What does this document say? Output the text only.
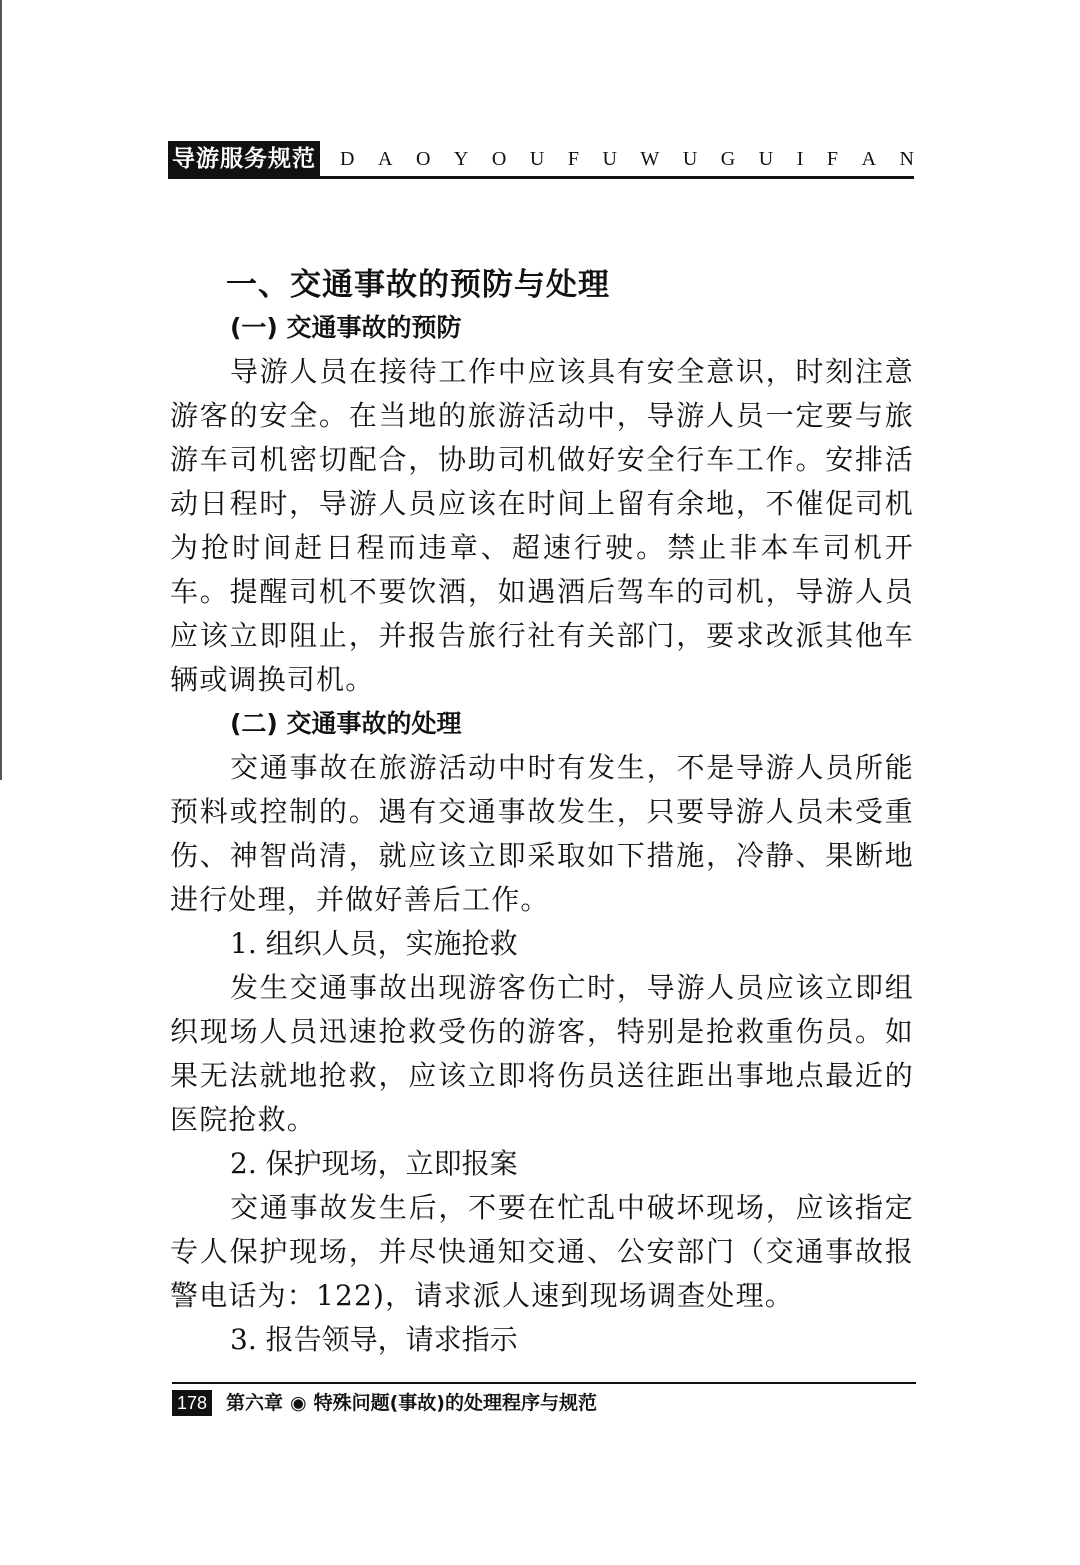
导游服务规范 D A O Y O U F U W U G U I F A N
一、交通事故的预防与处理

(一) 交通事故的预防

导游人员在接待工作中应该具有安全意识，时刻注意游客的安全。在当地的旅游活动中，导游人员一定要与旅游车司机密切配合，协助司机做好安全行车工作。安排活动日程时，导游人员应该在时间上留有余地，不催促司机为抢时间赶日程而违章、超速行驶。禁止非本车司机开车。提醒司机不要饮酒，如遇酒后驾车的司机，导游人员应该立即阻止，并报告旅行社有关部门，要求改派其他车辆或调换司机。

(二) 交通事故的处理

交通事故在旅游活动中时有发生，不是导游人员所能预料或控制的。遇有交通事故发生，只要导游人员未受重伤、神智尚清，就应该立即采取如下措施，冷静、果断地进行处理，并做好善后工作。

1. 组织人员，实施抢救

发生交通事故出现游客伤亡时，导游人员应该立即组织现场人员迅速抢救受伤的游客，特别是抢救重伤员。如果无法就地抢救，应该立即将伤员送往距出事地点最近的医院抢救。

2. 保护现场，立即报案

交通事故发生后，不要在忙乱中破坏现场，应该指定专人保护现场，并尽快通知交通、公安部门（交通事故报警电话为：122)，请求派人速到现场调查处理。

3. 报告领导，请求指示

178 第六章 ◉ 特殊问题(事故)的处理程序与规范
